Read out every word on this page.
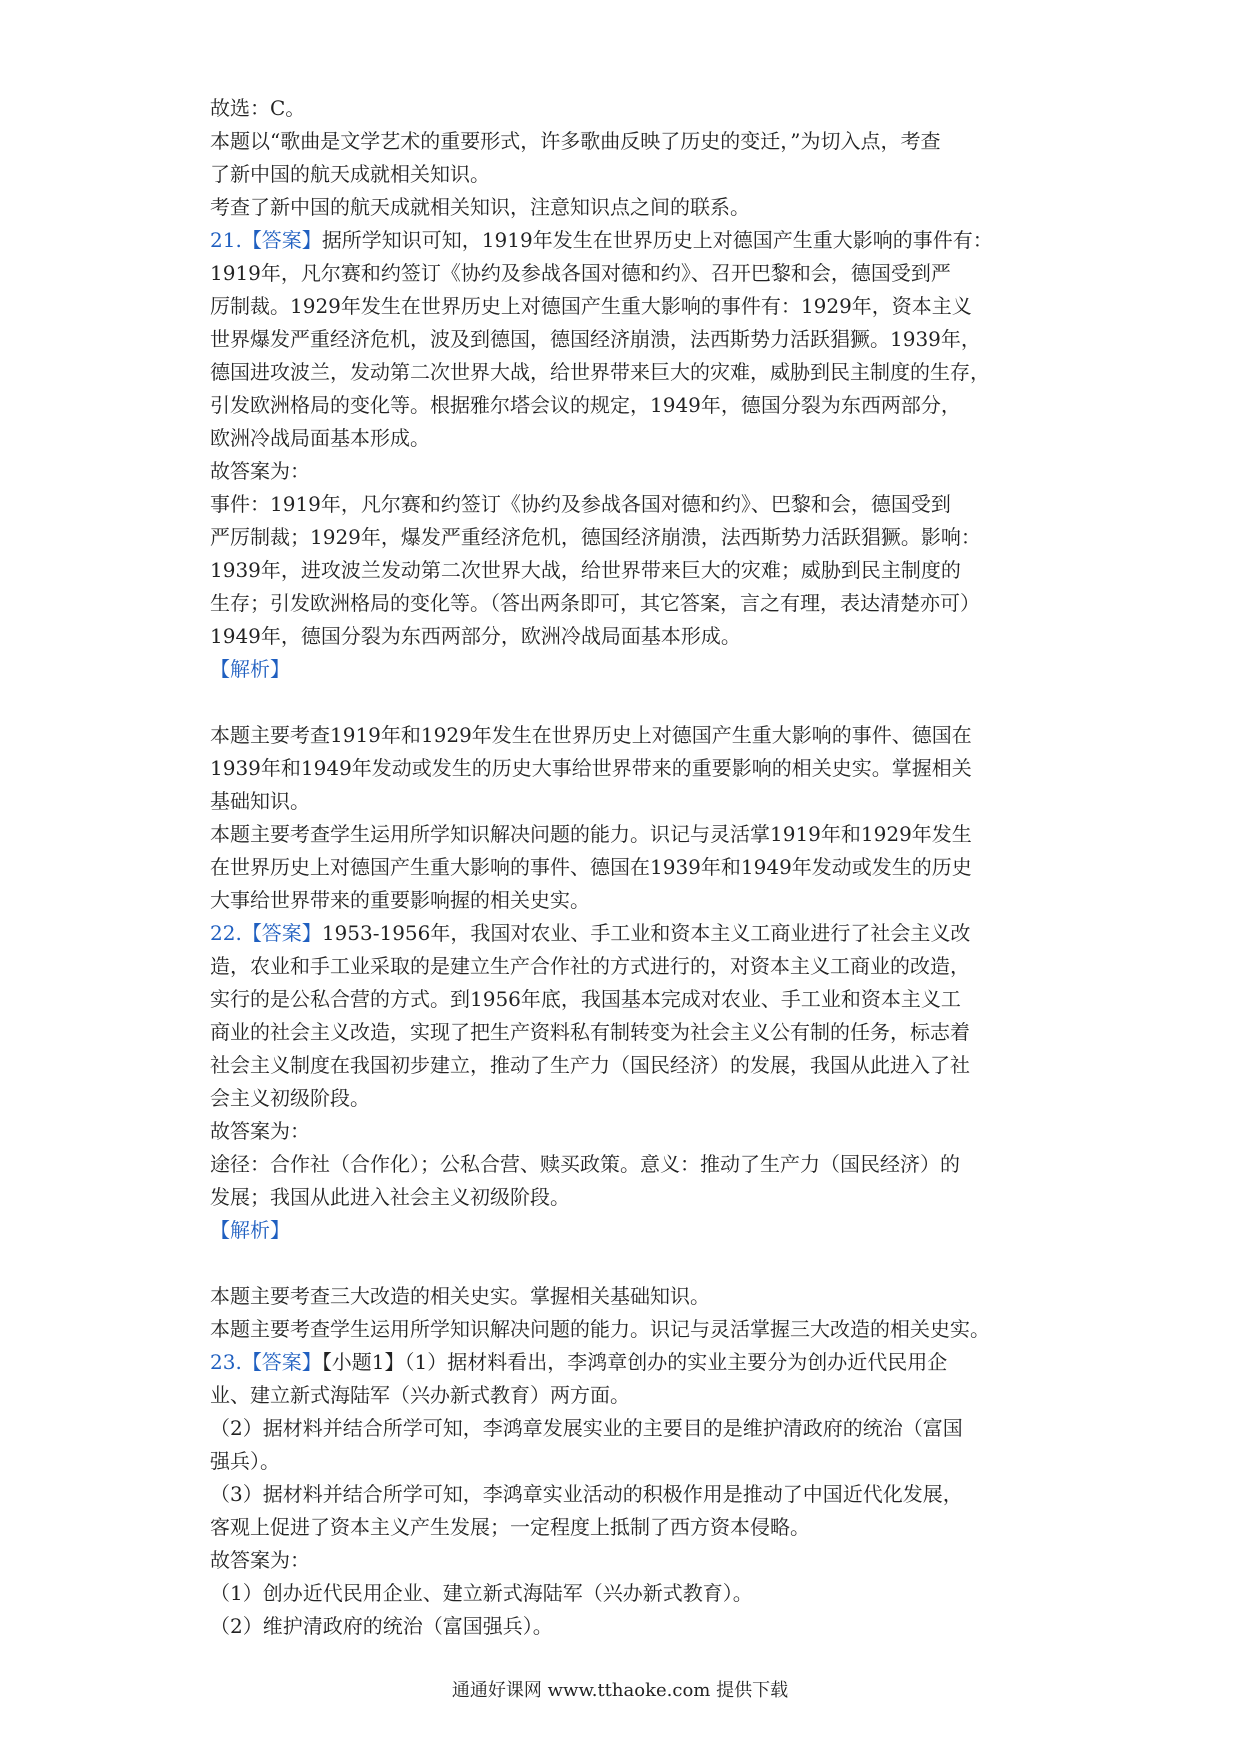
故选：C。
本题以“歌曲是文学艺术的重要形式，许多歌曲反映了历史的变迁，”为切入点，考查
了新中国的航天成就相关知识。
考查了新中国的航天成就相关知识，注意知识点之间的联系。
21.【答案】据所学知识可知，1919年发生在世界历史上对德国产生重大影响的事件有：
1919年，凡尔赛和约签订《协约及参战各国对德和约》、召开巴黎和会，德国受到严
厉制裁。1929年发生在世界历史上对德国产生重大影响的事件有：1929年，资本主义
世界爆发严重经济危机，波及到德国，德国经济崩溃，法西斯势力活跃猖獗。1939年，
德国进攻波兰，发动第二次世界大战，给世界带来巨大的灾难，威胁到民主制度的生存，
引发欧洲格局的变化等。根据雅尔塔会议的规定，1949年，德国分裂为东西两部分，
欧洲冷战局面基本形成。
故答案为：
事件：1919年，凡尔赛和约签订《协约及参战各国对德和约》、巴黎和会，德国受到
严厉制裁；1929年，爆发严重经济危机，德国经济崩溃，法西斯势力活跃猖獗。影响：
1939年，进攻波兰发动第二次世界大战，给世界带来巨大的灾难；威胁到民主制度的
生存；引发欧洲格局的变化等。（答出两条即可，其它答案，言之有理，表达清楚亦可）
1949年，德国分裂为东西两部分，欧洲冷战局面基本形成。
【解析】
本题主要考查1919年和1929年发生在世界历史上对德国产生重大影响的事件、德国在
1939年和1949年发动或发生的历史大事给世界带来的重要影响的相关史实。掌握相关
基础知识。
本题主要考查学生运用所学知识解决问题的能力。识记与灵活掌1919年和1929年发生
在世界历史上对德国产生重大影响的事件、德国在1939年和1949年发动或发生的历史
大事给世界带来的重要影响握的相关史实。
22.【答案】1953-1956年，我国对农业、手工业和资本主义工商业进行了社会主义改
造，农业和手工业采取的是建立生产合作社的方式进行的，对资本主义工商业的改造，
实行的是公私合营的方式。到1956年底，我国基本完成对农业、手工业和资本主义工
商业的社会主义改造，实现了把生产资料私有制转变为社会主义公有制的任务，标志着
社会主义制度在我国初步建立，推动了生产力（国民经济）的发展，我国从此进入了社
会主义初级阶段。
故答案为：
途径：合作社（合作化）；公私合营、赎买政策。意义：推动了生产力（国民经济）的
发展；我国从此进入社会主义初级阶段。
【解析】
本题主要考查三大改造的相关史实。掌握相关基础知识。
本题主要考查学生运用所学知识解决问题的能力。识记与灵活掌握三大改造的相关史实。
23.【答案】【小题1】（1）据材料看出，李鸿章创办的实业主要分为创办近代民用企
业、建立新式海陆军（兴办新式教育）两方面。
（2）据材料并结合所学可知，李鸿章发展实业的主要目的是维护清政府的统治（富国
强兵）。
（3）据材料并结合所学可知，李鸿章实业活动的积极作用是推动了中国近代化发展，
客观上促进了资本主义产生发展；一定程度上抵制了西方资本侵略。
故答案为：
（1）创办近代民用企业、建立新式海陆军（兴办新式教育）。
（2）维护清政府的统治（富国强兵）。
通通好课网 www.tthaoke.com 提供下载
